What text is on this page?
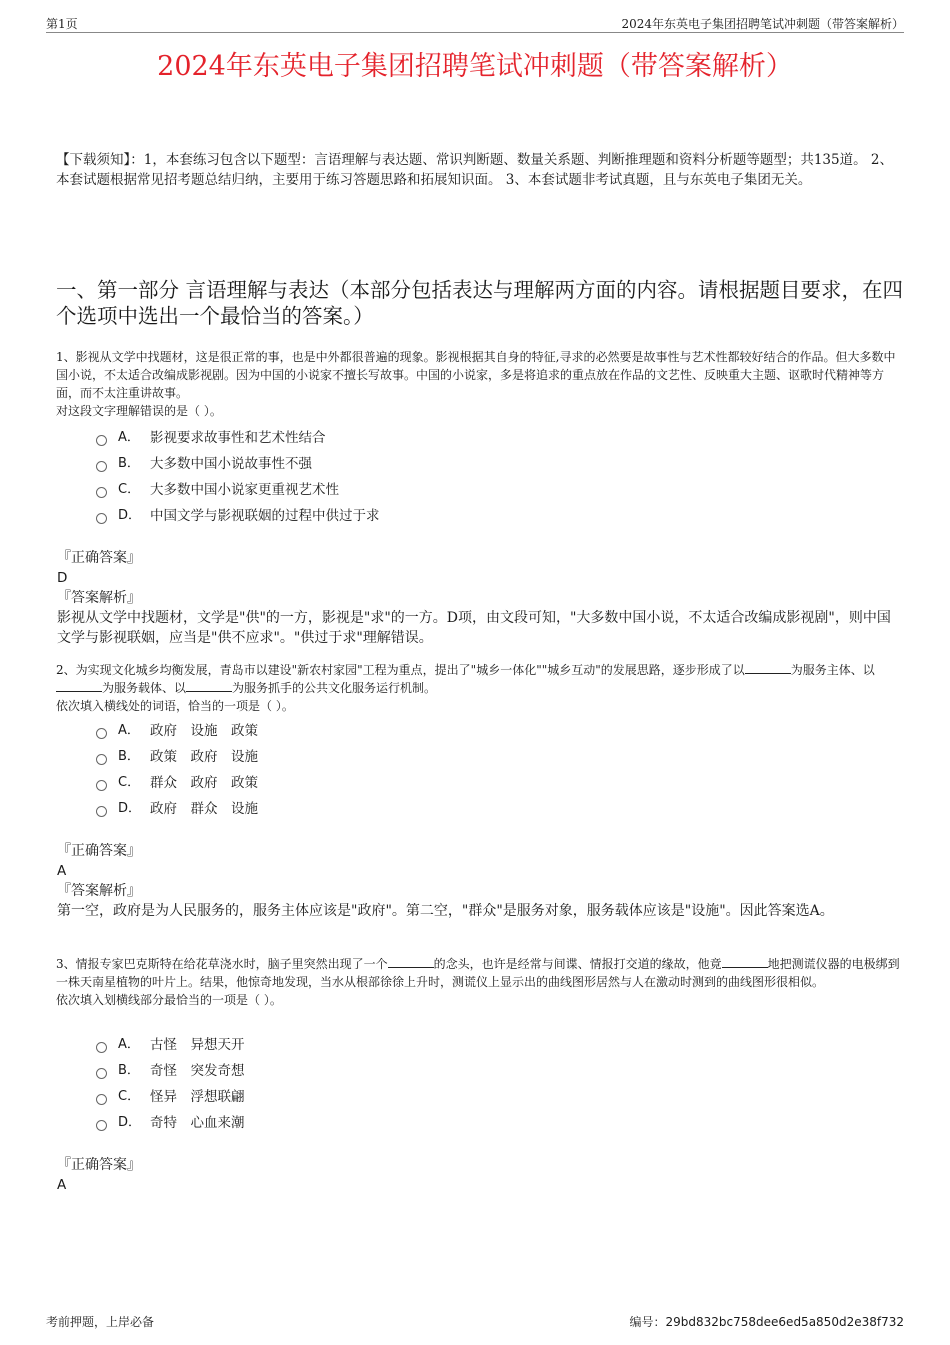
第1页	2024年东英电子集团招聘笔试冲刺题（带答案解析）
2024年东英电子集团招聘笔试冲刺题（带答案解析）
【下载须知】：1，本套练习包含以下题型：言语理解与表达题、常识判断题、数量关系题、判断推理题和资料分析题等题型；共135道。 2、本套试题根据常见招考题总结归纳，主要用于练习答题思路和拓展知识面。 3、本套试题非考试真题，且与东英电子集团无关。
一、第一部分 言语理解与表达（本部分包括表达与理解两方面的内容。请根据题目要求，在四个选项中选出一个最恰当的答案。）

1、影视从文学中找题材，这是很正常的事，也是中外都很普遍的现象。影视根据其自身的特征,寻求的必然要是故事性与艺术性都较好结合的作品。但大多数中国小说，不太适合改编成影视剧。因为中国的小说家不擅长写故事。中国的小说家，多是将追求的重点放在作品的文艺性、反映重大主题、讴歌时代精神等方面，而不太注重讲故事。

对这段文字理解错误的是（ ）。

A． 影视要求故事性和艺术性结合
B． 大多数中国小说故事性不强
C． 大多数中国小说家更重视艺术性
D． 中国文学与影视联姻的过程中供过于求
『正确答案』
D
『答案解析』
影视从文学中找题材，文学是"供"的一方，影视是"求"的一方。D项，由文段可知，"大多数中国小说，不太适合改编成影视剧"，则中国文学与影视联姻，应当是"供不应求"。"供过于求"理解错误。

2、为实现文化城乡均衡发展，青岛市以建设"新农村家园"工程为重点，提出了"城乡一体化""城乡互动"的发展思路，逐步形成了以	为服务主体、以为服务载体、以	为服务抓手的公共文化服务运行机制。

依次填入横线处的词语，恰当的一项是（ ）。

A． 政府　设施　政策
B． 政策　政府　设施
C． 群众　政府　政策
D． 政府　群众　设施
『正确答案』
A
『答案解析』
第一空，政府是为人民服务的，服务主体应该是"政府"。第二空，"群众"是服务对象，服务载体应该是"设施"。因此答案选A。

3、情报专家巴克斯特在给花草浇水时，脑子里突然出现了一个	的念头，也许是经常与间谍、情报打交道的缘故，他竟	地把测谎仪器的电极绑到一株天南星植物的叶片上。结果，他惊奇地发现，当水从根部徐徐上升时，测谎仪上显示出的曲线图形居然与人在激动时测到的曲线图形很相似。

依次填入划横线部分最恰当的一项是（ ）。

A． 古怪　异想天开
B． 奇怪　突发奇想
C． 怪异　浮想联翩
D． 奇特　心血来潮
『正确答案』
A
考前押题，上岸必备	编号：29bd832bc758dee6ed5a850d2e38f732
